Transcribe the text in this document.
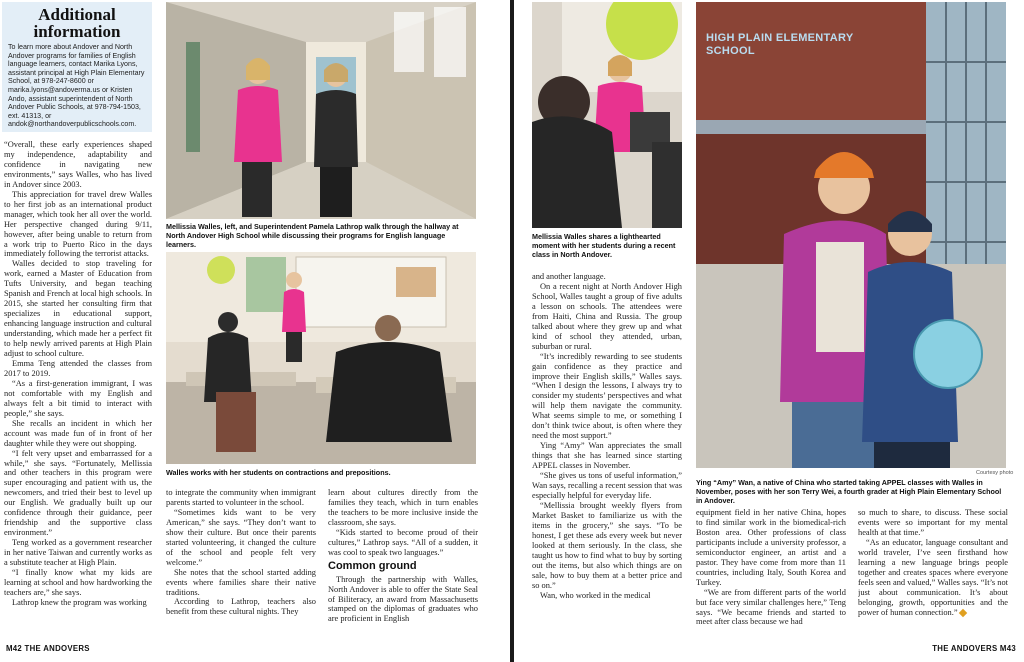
Additional information

To learn more about Andover and North Andover programs for families of English language learners, contact Marika Lyons, assistant principal at High Plain Elementary School, at 978-247-8600 or marika.lyons@andoverma.us or Kristen Ando, assistant superintendent of North Andover Public Schools, at 978-794-1503, ext. 41313, or andok@northandoverpublicschools.com.

“Overall, these early experiences shaped my independence, adaptability and confidence in navigating new environments,” says Walles, who has lived in Andover since 2003.

This appreciation for travel drew Walles to her first job as an international product manager, which took her all over the world. Her perspective changed during 9/11, however, after being unable to return from a work trip to Puerto Rico in the days immediately following the terrorist attacks.

Walles decided to stop traveling for work, earned a Master of Education from Tufts University, and began teaching Spanish and French at local high schools. In 2015, she started her consulting firm that specializes in educational support, enhancing language instruction and cultural understanding, which made her a perfect fit to help newly arrived parents at High Plain adjust to school culture.

Emma Teng attended the classes from 2017 to 2019.

“As a first-generation immigrant, I was not comfortable with my English and always felt a bit timid to interact with people,” she says.

She recalls an incident in which her account was made fun of in front of her daughter while they were out shopping.

“I felt very upset and embarrassed for a while,” she says. “Fortunately, Mellissia and other teachers in this program were super encouraging and patient with us, the newcomers, and tried their best to level up our English. We gradually built up our confidence through their guidance, peer friendship and the supportive class environment.”

Teng worked as a government researcher in her native Taiwan and currently works as a substitute teacher at High Plain.

“I finally know what my kids are learning at school and how hardworking the teachers are,” she says.

Lathrop knew the program was working

Mellissia Walles, left, and Superintendent Pamela Lathrop walk through the hallway at North Andover High School while discussing their programs for English language learners.
Walles works with her students on contractions and prepositions.

to integrate the community when immigrant parents started to volunteer in the school.

“Sometimes kids want to be very American,” she says. “They don’t want to show their culture. But once their parents started volunteering, it changed the culture of the school and people felt very welcome.”

She notes that the school started adding events where families share their native traditions.

According to Lathrop, teachers also benefit from these cultural nights. They

learn about cultures directly from the families they teach, which in turn enables the teachers to be more inclusive inside the classroom, she says.

“Kids started to become proud of their cultures,” Lathrop says. “All of a sudden, it was cool to speak two languages.”

Common ground

Through the partnership with Walles, North Andover is able to offer the State Seal of Biliteracy, an award from Massachusetts stamped on the diplomas of graduates who are proficient in English

M42 THE ANDOVERS
Mellissia Walles shares a lighthearted moment with her students during a recent class in North Andover.
HIGH PLAIN ELEMENTARY SCHOOL
Courtesy photo
Ying “Amy” Wan, a native of China who started taking APPEL classes with Walles in November, poses with her son Terry Wei, a fourth grader at High Plain Elementary School in Andover.

and another language.

On a recent night at North Andover High School, Walles taught a group of five adults a lesson on schools. The attendees were from Haiti, China and Russia. The group talked about where they grew up and what kind of school they attended, urban, suburban or rural.

“It’s incredibly rewarding to see students gain confidence as they practice and improve their English skills,” Walles says. “When I design the lessons, I always try to consider my students’ perspectives and what will help them navigate the community. What seems simple to me, or something I don’t think twice about, is often where they need the most support.”

Ying “Amy” Wan appreciates the small things that she has learned since starting APPEL classes in November.

“She gives us tons of useful information,” Wan says, recalling a recent session that was especially helpful for everyday life.

“Mellissia brought weekly flyers from Market Basket to familiarize us with the items in the grocery,” she says. “To be honest, I get these ads every week but never looked at them seriously. In the class, she taught us how to find what to buy by sorting out the items, but also which things are on sale, how to buy them at a better price and so on.”

Wan, who worked in the medical

equipment field in her native China, hopes to find similar work in the biomedical-rich Boston area. Other professions of class participants include a university professor, a semiconductor engineer, an artist and a pastor. They have come from more than 11 countries, including Italy, South Korea and Turkey.

“We are from different parts of the world but face very similar challenges here,” Teng says. “We became friends and started to meet after class because we had

so much to share, to discuss. These social events were so important for my mental health at that time.”

“As an educator, language consultant and world traveler, I’ve seen firsthand how learning a new language brings people together and creates spaces where everyone feels seen and valued,” Walles says. “It’s not just about communication. It’s about belonging, growth, opportunities and the power of human connection.”

THE ANDOVERS M43
